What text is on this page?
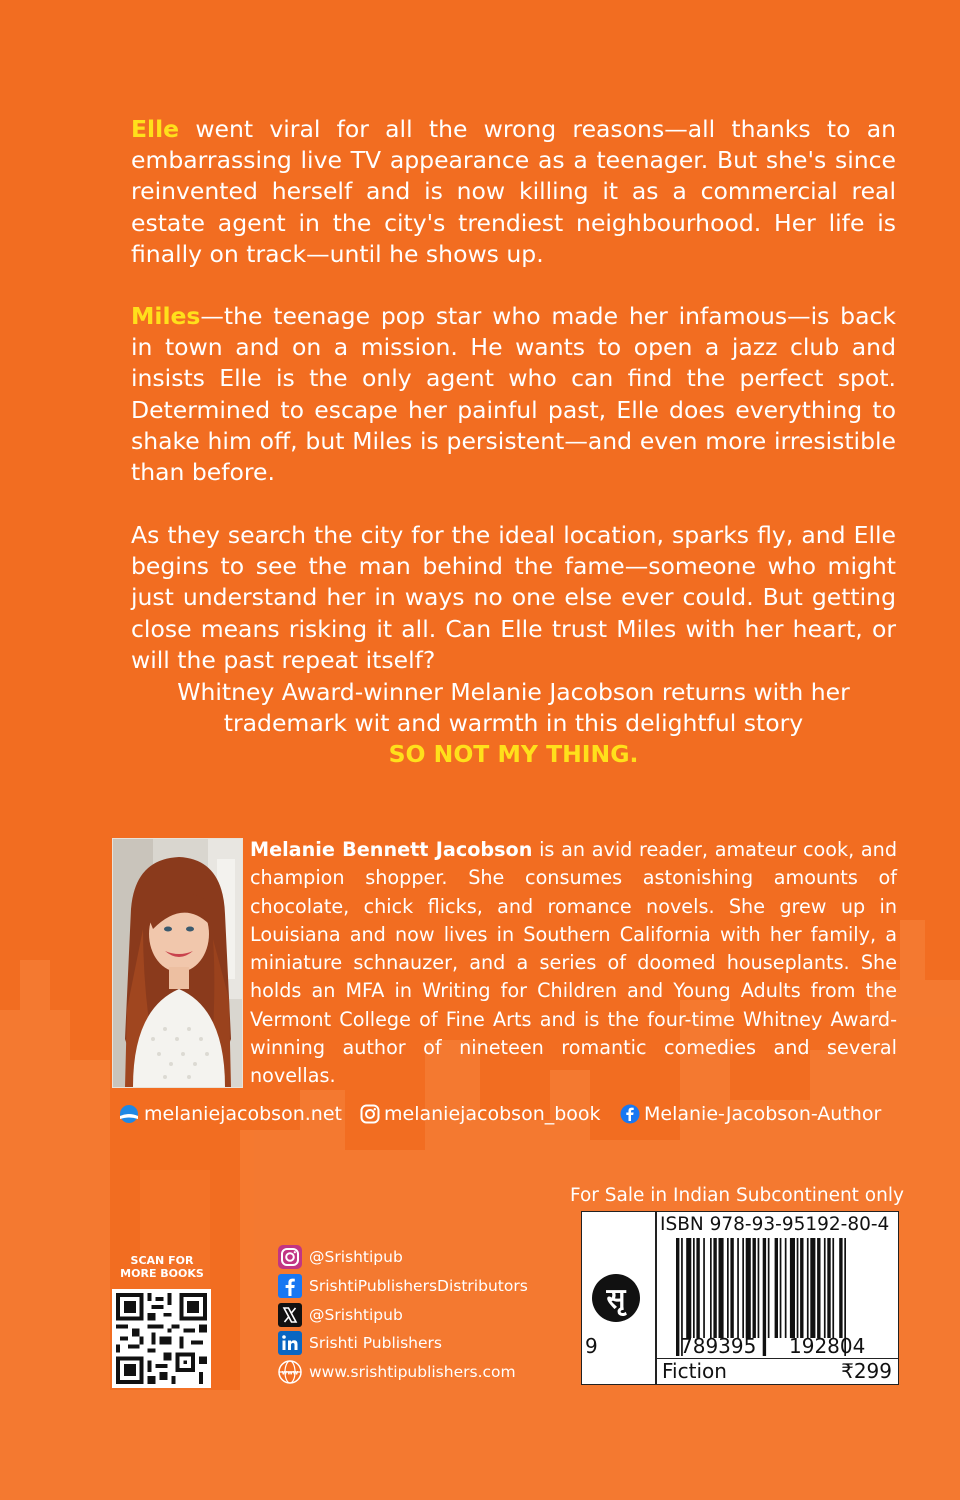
Elle went viral for all the wrong reasons—all thanks to an embarrassing live TV appearance as a teenager. But she's since reinvented herself and is now killing it as a commercial real estate agent in the city's trendiest neighbourhood. Her life is finally on track—until he shows up.

Miles—the teenage pop star who made her infamous—is back in town and on a mission. He wants to open a jazz club and insists Elle is the only agent who can find the perfect spot. Determined to escape her painful past, Elle does everything to shake him off, but Miles is persistent—and even more irresistible than before.

As they search the city for the ideal location, sparks fly, and Elle begins to see the man behind the fame—someone who might just understand her in ways no one else ever could. But getting close means risking it all. Can Elle trust Miles with her heart, or will the past repeat itself?

Whitney Award-winner Melanie Jacobson returns with her
trademark wit and warmth in this delightful story
SO NOT MY THING.

Melanie Bennett Jacobson is an avid reader, amateur cook, and champion shopper. She consumes astonishing amounts of chocolate, chick flicks, and romance novels. She grew up in Louisiana and now lives in Southern California with her family, a miniature schnauzer, and a series of doomed houseplants. She holds an MFA in Writing for Children and Young Adults from the Vermont College of Fine Arts and is the four-time Whitney Award-winning author of nineteen romantic comedies and several novellas.

melaniejacobson.net melaniejacobson_book Melanie-Jacobson-Author
SCAN FOR MORE BOOKS
@Srishtipub
SrishtiPublishersDistributors
@Srishtipub
Srishti Publishers
www www.srishtipublishers.com
For Sale in Indian Subcontinent only
सृ
ISBN 978-93-95192-80-4
9	789395 192804
Fiction	₹299
